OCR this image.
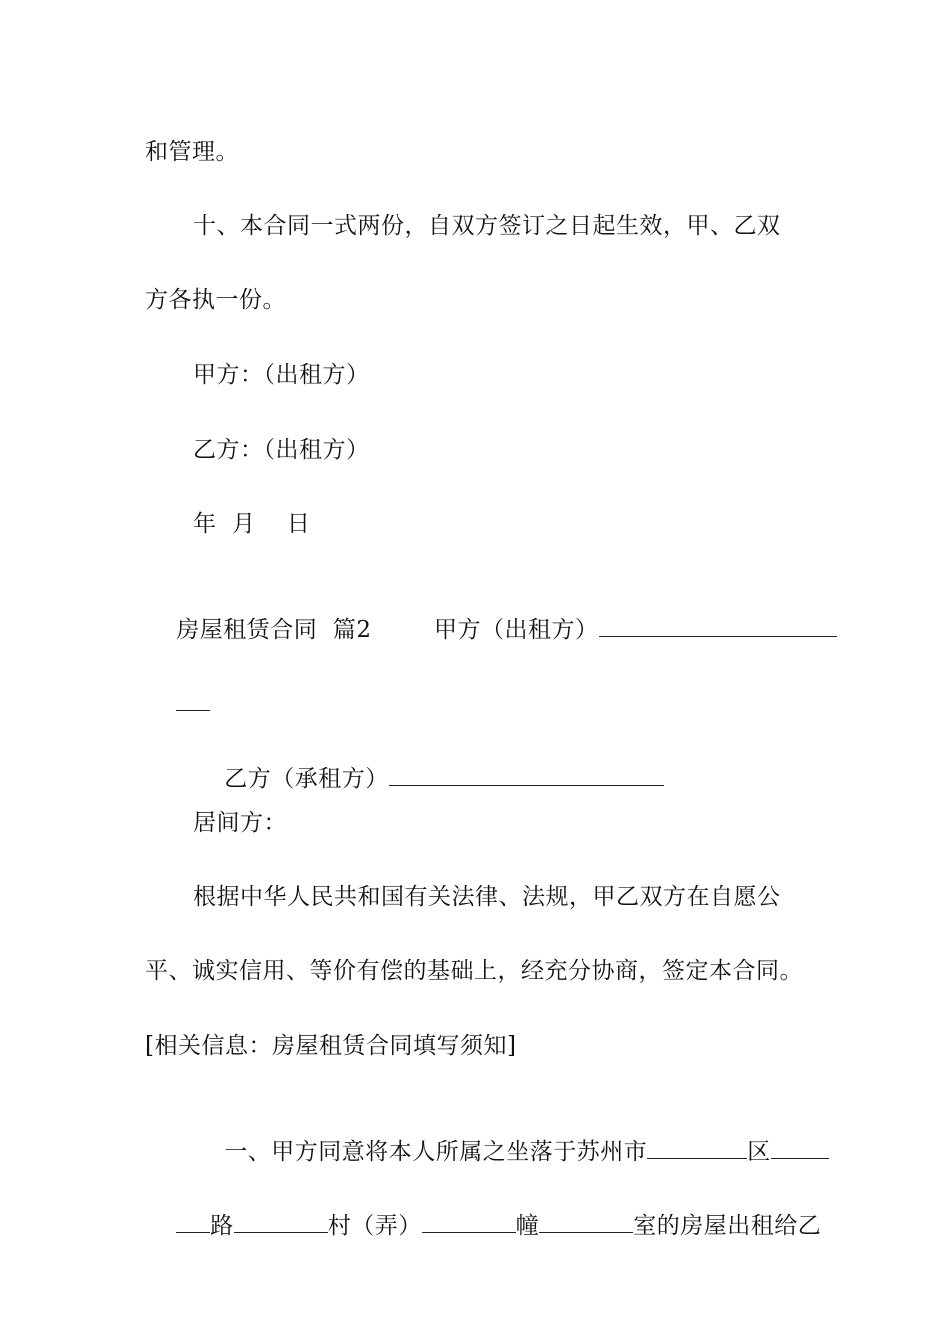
和管理。
十、本合同一式两份，自双方签订之日起生效，甲、乙双
方各执一份。
甲方：（出租方）
乙方：（出租方）
年  月    日

房屋租赁合同  篇2        甲方（出租方）

乙方（承租方）

居间方：
根据中华人民共和国有关法律、法规，甲乙双方在自愿公
平、诚实信用、等价有偿的基础上，经充分协商，签定本合同。
[相关信息：房屋租赁合同填写须知]

一、甲方同意将本人所属之坐落于苏州市	区

路	村（弄）	幢	室的房屋出租给乙
